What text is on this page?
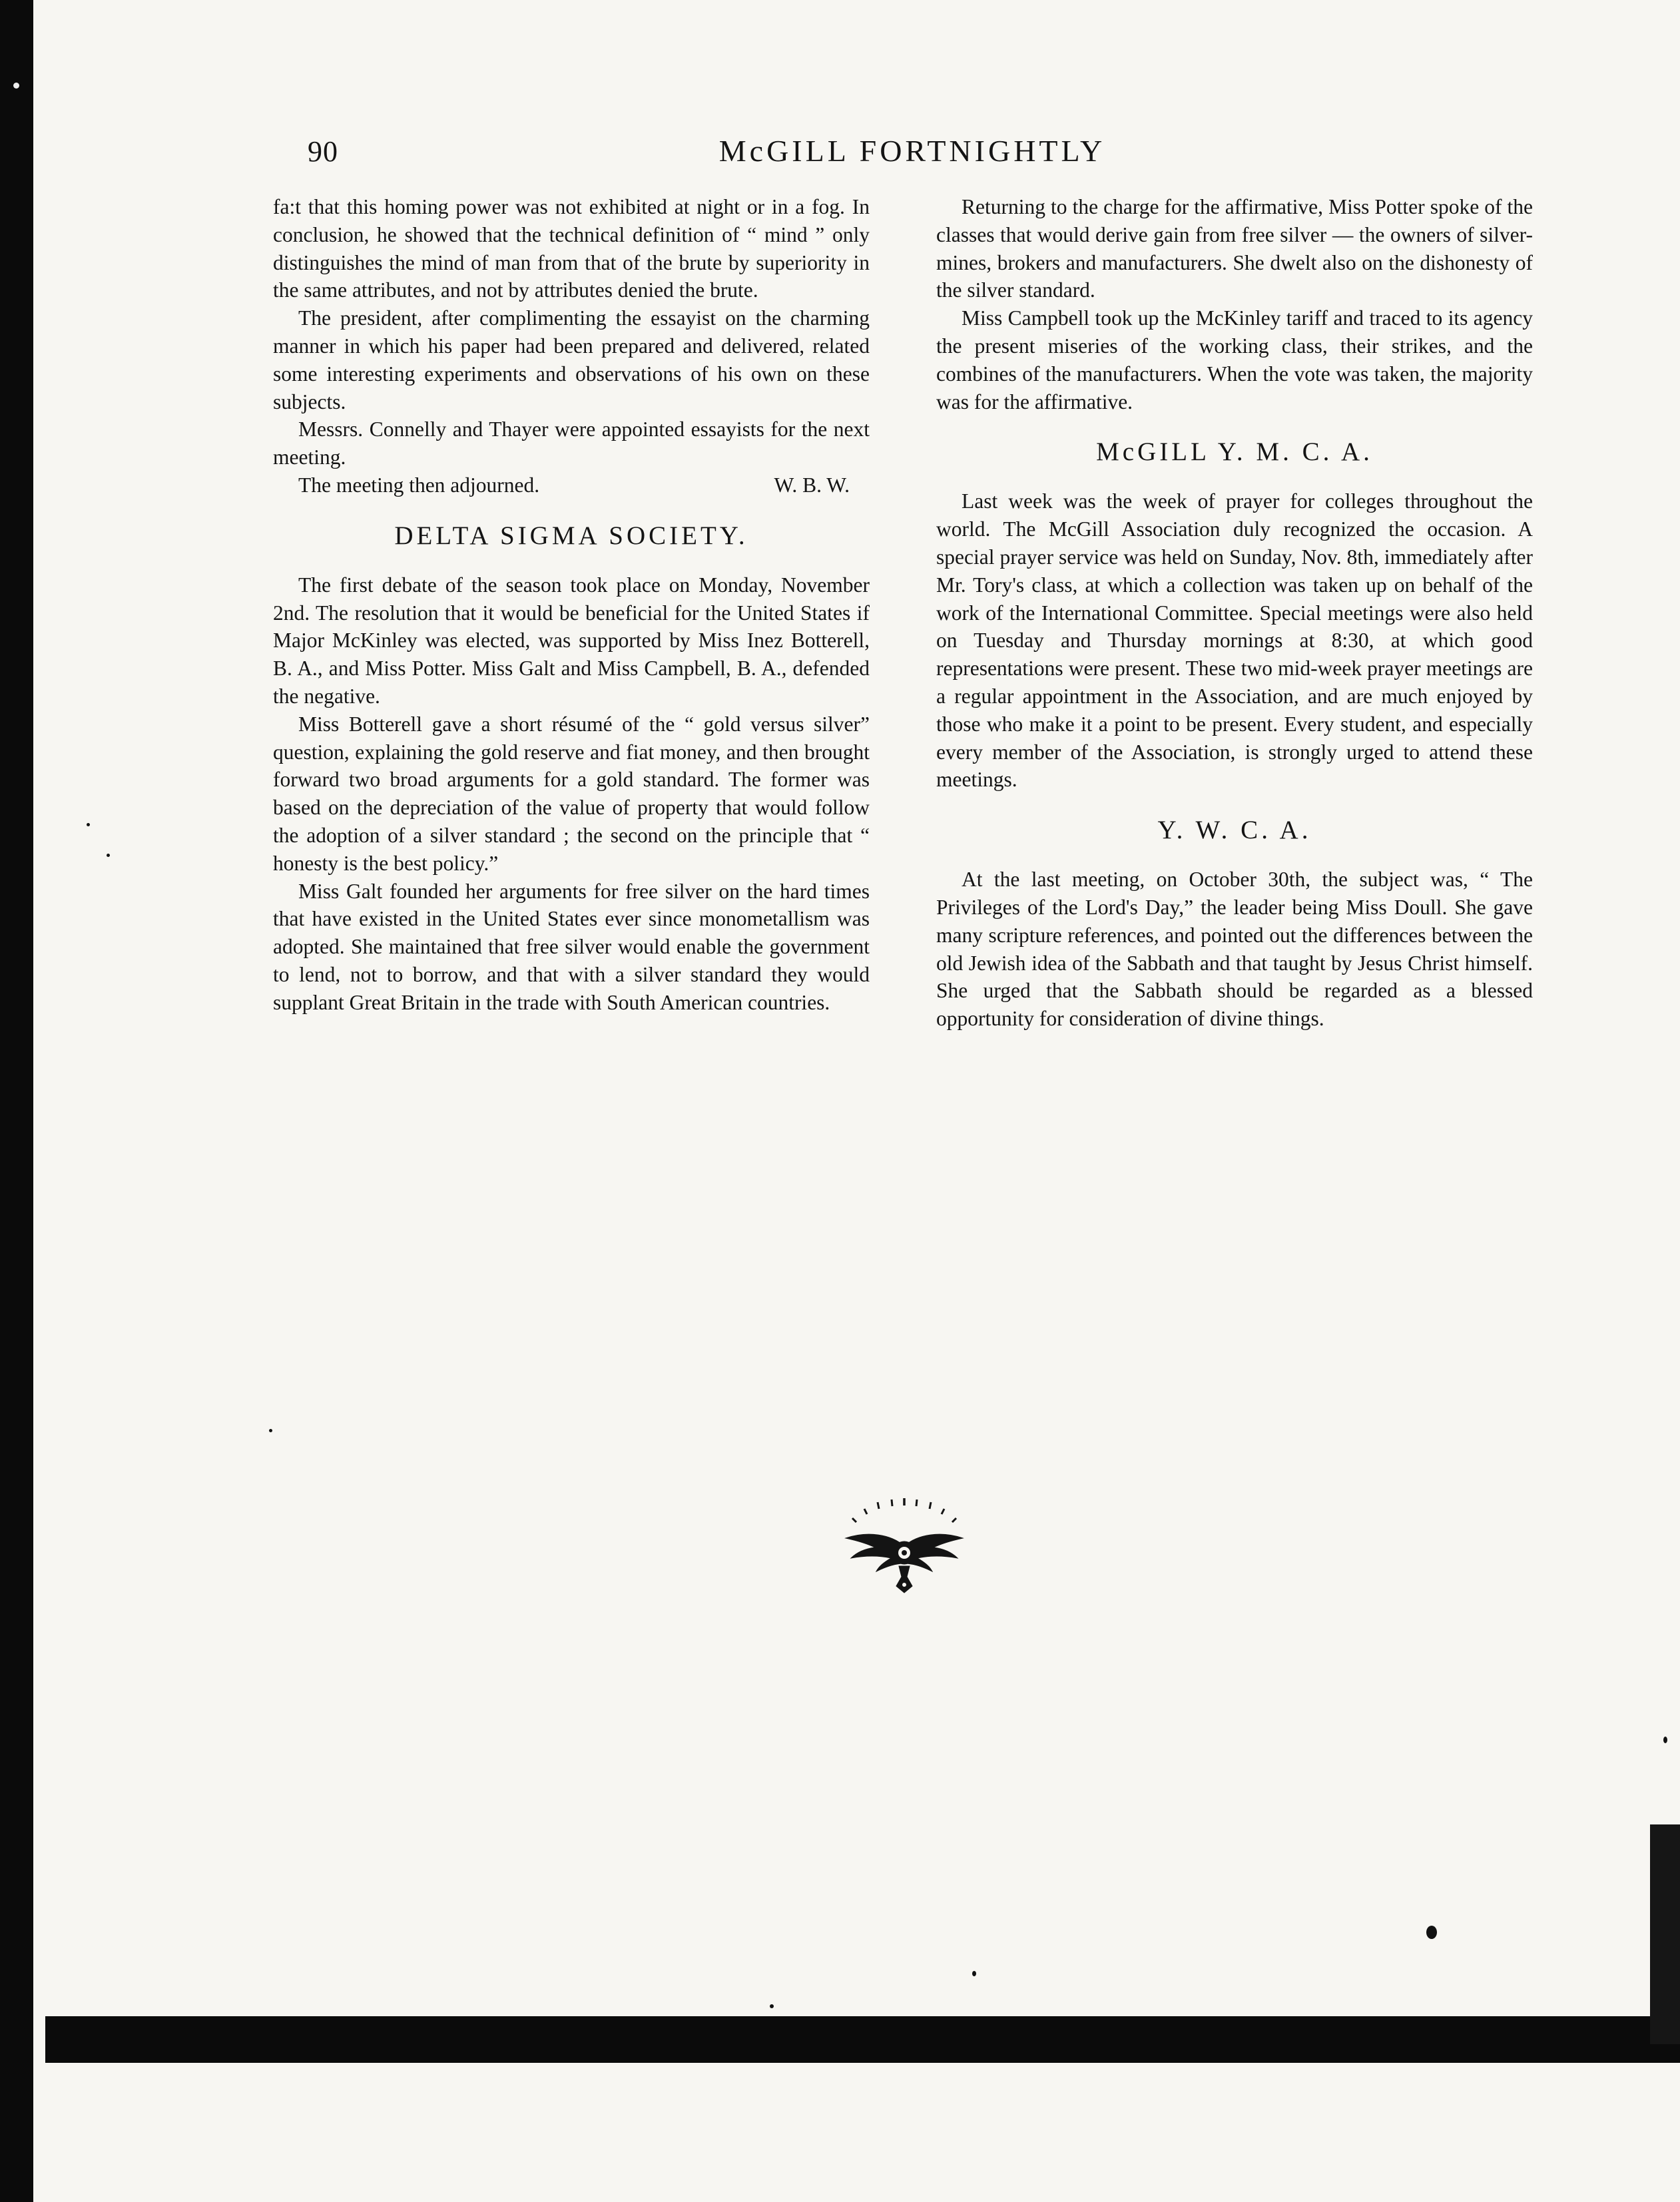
90	McGILL FORTNIGHTLY

fa:t that this homing power was not exhibited at night or in a fog. In conclusion, he showed that the technical definition of “ mind ” only distinguishes the mind of man from that of the brute by superiority in the same attributes, and not by attributes denied the brute.

The president, after complimenting the essayist on the charming manner in which his paper had been prepared and delivered, related some interesting experiments and observations of his own on these subjects.

Messrs. Connelly and Thayer were appointed essayists for the next meeting.

The meeting then adjourned.	W. B. W.
DELTA SIGMA SOCIETY.

The first debate of the season took place on Monday, November 2nd. The resolution that it would be beneficial for the United States if Major McKinley was elected, was supported by Miss Inez Botterell, B. A., and Miss Potter. Miss Galt and Miss Campbell, B. A., defended the negative.

Miss Botterell gave a short résumé of the “ gold versus silver” question, explaining the gold reserve and fiat money, and then brought forward two broad arguments for a gold standard. The former was based on the depreciation of the value of property that would follow the adoption of a silver standard ; the second on the principle that “ honesty is the best policy.”

Miss Galt founded her arguments for free silver on the hard times that have existed in the United States ever since monometallism was adopted. She maintained that free silver would enable the government to lend, not to borrow, and that with a silver standard they would supplant Great Britain in the trade with South American countries.

Returning to the charge for the affirmative, Miss Potter spoke of the classes that would derive gain from free silver — the owners of silver-mines, brokers and manufacturers. She dwelt also on the dishonesty of the silver standard.

Miss Campbell took up the McKinley tariff and traced to its agency the present miseries of the working class, their strikes, and the combines of the manufacturers. When the vote was taken, the majority was for the affirmative.

McGILL Y. M. C. A.

Last week was the week of prayer for colleges throughout the world. The McGill Association duly recognized the occasion. A special prayer service was held on Sunday, Nov. 8th, immediately after Mr. Tory's class, at which a collection was taken up on behalf of the work of the International Committee. Special meetings were also held on Tuesday and Thursday mornings at 8:30, at which good representations were present. These two mid-week prayer meetings are a regular appointment in the Association, and are much enjoyed by those who make it a point to be present. Every student, and especially every member of the Association, is strongly urged to attend these meetings.

Y. W. C. A.

At the last meeting, on October 30th, the subject was, “ The Privileges of the Lord's Day,” the leader being Miss Doull. She gave many scripture references, and pointed out the differences between the old Jewish idea of the Sabbath and that taught by Jesus Christ himself. She urged that the Sabbath should be regarded as a blessed opportunity for consideration of divine things.
